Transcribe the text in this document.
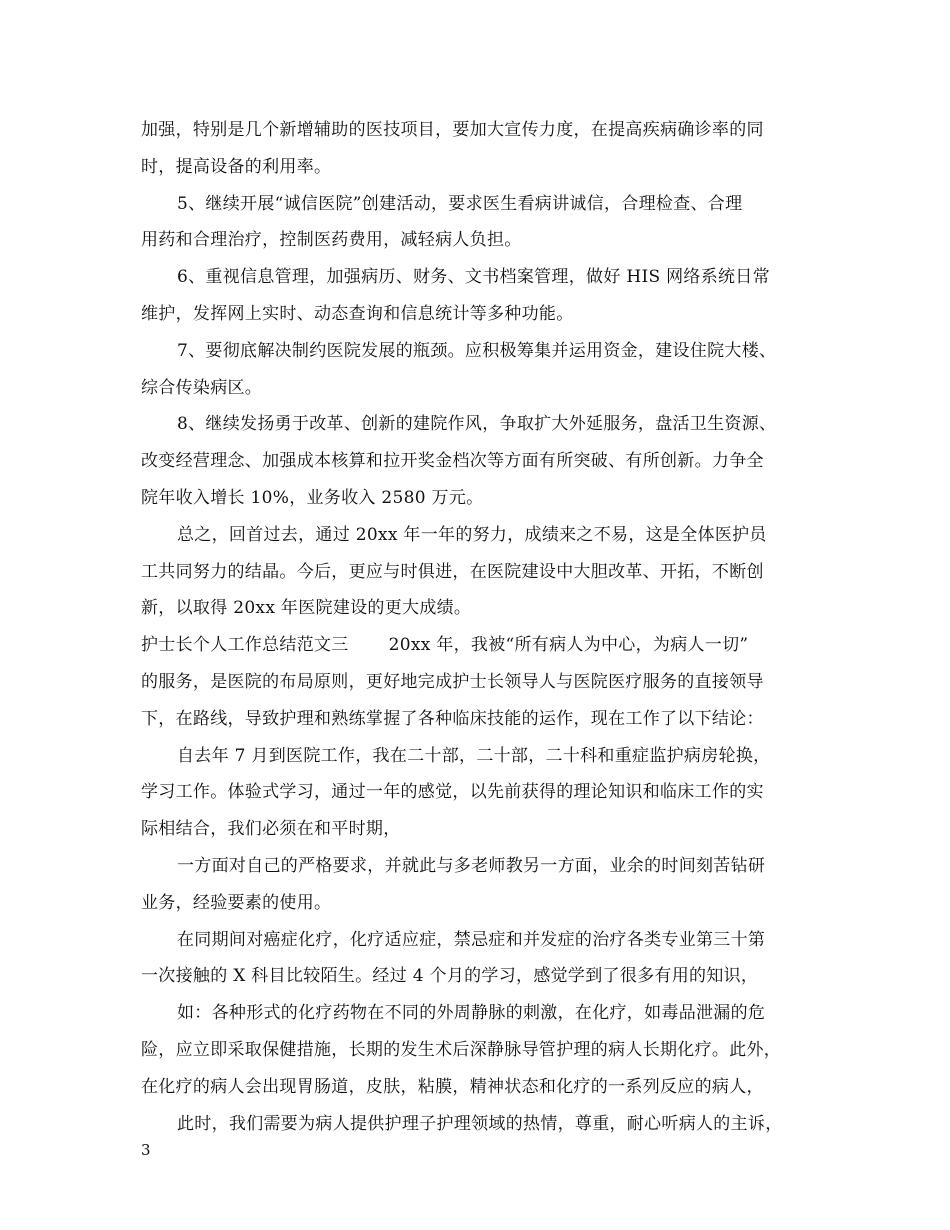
加强，特别是几个新增辅助的医技项目，要加大宣传力度，在提高疾病确诊率的同
时，提高设备的利用率。
5、继续开展“诚信医院”创建活动，要求医生看病讲诚信，合理检查、合理
用药和合理治疗，控制医药费用，减轻病人负担。
6、重视信息管理，加强病历、财务、文书档案管理，做好 HIS 网络系统日常
维护，发挥网上实时、动态查询和信息统计等多种功能。
7、要彻底解决制约医院发展的瓶颈。应积极筹集并运用资金，建设住院大楼、
综合传染病区。
8、继续发扬勇于改革、创新的建院作风，争取扩大外延服务，盘活卫生资源、
改变经营理念、加强成本核算和拉开奖金档次等方面有所突破、有所创新。力争全
院年收入增长 10%，业务收入 2580 万元。
总之，回首过去，通过 20xx 年一年的努力，成绩来之不易，这是全体医护员
工共同努力的结晶。今后，更应与时俱进，在医院建设中大胆改革、开拓，不断创
新，以取得 20xx 年医院建设的更大成绩。
护士长个人工作总结范文三 20xx 年，我被“所有病人为中心，为病人一切”
的服务，是医院的布局原则，更好地完成护士长领导人与医院医疗服务的直接领导
下，在路线，导致护理和熟练掌握了各种临床技能的运作，现在工作了以下结论：
自去年 7 月到医院工作，我在二十部，二十部，二十科和重症监护病房轮换，
学习工作。体验式学习，通过一年的感觉，以先前获得的理论知识和临床工作的实
际相结合，我们必须在和平时期，
一方面对自己的严格要求，并就此与多老师教另一方面，业余的时间刻苦钻研
业务，经验要素的使用。
在同期间对癌症化疗，化疗适应症，禁忌症和并发症的治疗各类专业第三十第
一次接触的 X 科目比较陌生。经过 4 个月的学习，感觉学到了很多有用的知识，
如：各种形式的化疗药物在不同的外周静脉的刺激，在化疗，如毒品泄漏的危
险，应立即采取保健措施，长期的发生术后深静脉导管护理的病人长期化疗。此外，
在化疗的病人会出现胃肠道，皮肤，粘膜，精神状态和化疗的一系列反应的病人，
此时，我们需要为病人提供护理子护理领域的热情，尊重，耐心听病人的主诉，
3
